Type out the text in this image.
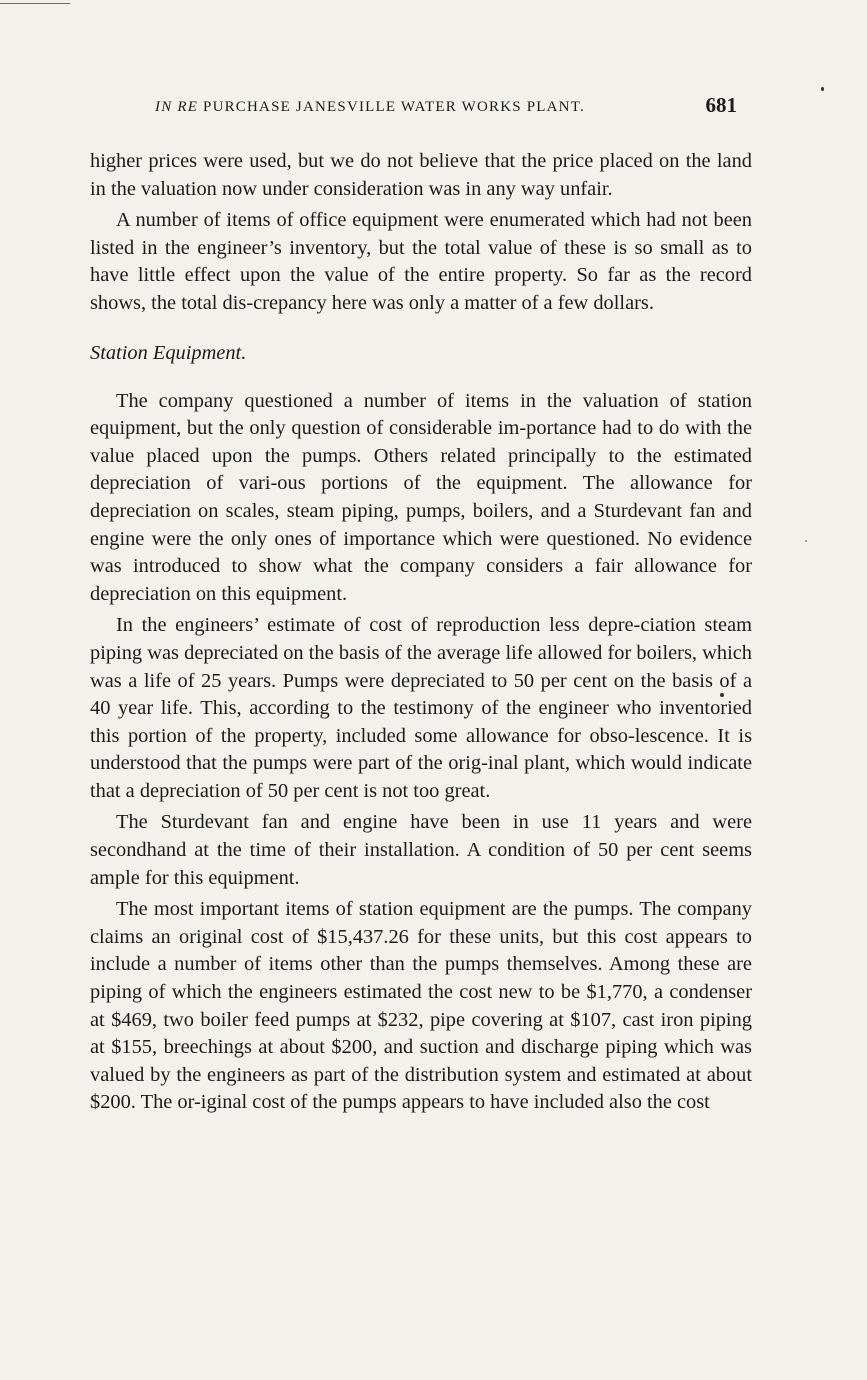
IN RE PURCHASE JANESVILLE WATER WORKS PLANT.	681

higher prices were used, but we do not believe that the price placed on the land in the valuation now under consideration was in any way unfair.

A number of items of office equipment were enumerated which had not been listed in the engineer’s inventory, but the total value of these is so small as to have little effect upon the value of the entire property. So far as the record shows, the total dis-crepancy here was only a matter of a few dollars.

Station Equipment.

The company questioned a number of items in the valuation of station equipment, but the only question of considerable im-portance had to do with the value placed upon the pumps. Others related principally to the estimated depreciation of vari-ous portions of the equipment. The allowance for depreciation on scales, steam piping, pumps, boilers, and a Sturdevant fan and engine were the only ones of importance which were questioned. No evidence was introduced to show what the company considers a fair allowance for depreciation on this equipment.

In the engineers’ estimate of cost of reproduction less depre-ciation steam piping was depreciated on the basis of the average life allowed for boilers, which was a life of 25 years. Pumps were depreciated to 50 per cent on the basis of a 40 year life. This, according to the testimony of the engineer who inventoried this portion of the property, included some allowance for obso-lescence. It is understood that the pumps were part of the orig-inal plant, which would indicate that a depreciation of 50 per cent is not too great.

The Sturdevant fan and engine have been in use 11 years and were secondhand at the time of their installation. A condition of 50 per cent seems ample for this equipment.

The most important items of station equipment are the pumps. The company claims an original cost of $15,437.26 for these units, but this cost appears to include a number of items other than the pumps themselves. Among these are piping of which the engineers estimated the cost new to be $1,770, a condenser at $469, two boiler feed pumps at $232, pipe covering at $107, cast iron piping at $155, breechings at about $200, and suction and discharge piping which was valued by the engineers as part of the distribution system and estimated at about $200. The or-iginal cost of the pumps appears to have included also the cost
